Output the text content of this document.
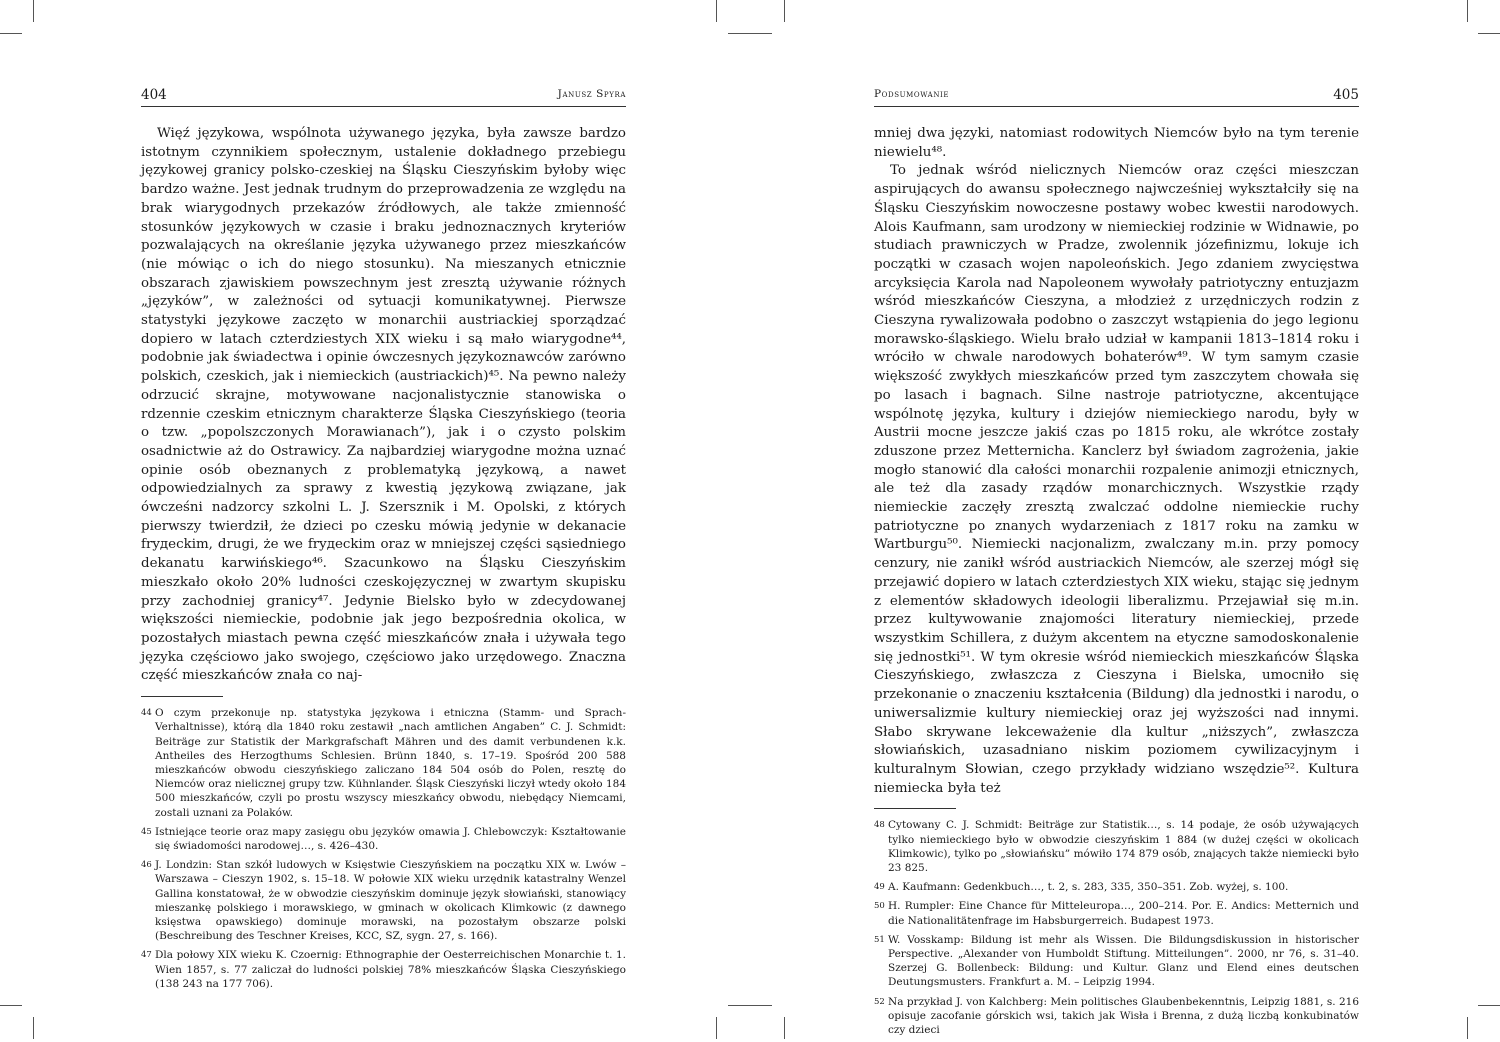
404	Janusz Spyra

Więź językowa, wspólnota używanego języka, była zawsze bardzo istotnym czynnikiem społecznym, ustalenie dokładnego przebiegu językowej granicy polsko-czeskiej na Śląsku Cieszyńskim byłoby więc bardzo ważne. Jest jednak trudnym do przeprowadzenia ze względu na brak wiarygodnych przekazów źródłowych, ale także zmienność stosunków językowych w czasie i braku jednoznacznych kryteriów pozwalających na określanie języka używanego przez mieszkańców (nie mówiąc o ich do niego stosunku). Na mieszanych etnicznie obszarach zjawiskiem powszechnym jest zresztą używanie różnych „języków”, w zależności od sytuacji komunikatywnej. Pierwsze statystyki językowe zaczęto w monarchii austriackiej sporządzać dopiero w latach czterdziestych XIX wieku i są mało wiarygodne⁴⁴, podobnie jak świadectwa i opinie ówczesnych językoznawców zarówno polskich, czeskich, jak i niemieckich (austriackich)⁴⁵. Na pewno należy odrzucić skrajne, motywowane nacjonalistycznie stanowiska o rdzennie czeskim etnicznym charakterze Śląska Cieszyńskiego (teoria o tzw. „popolszczonych Morawianach”), jak i o czysto polskim osadnictwie aż do Ostrawicy. Za najbardziej wiarygodne można uznać opinie osób obeznanych z problematyką językową, a nawet odpowiedzialnych za sprawy z kwestią językową związane, jak ówcześni nadzorcy szkolni L. J. Szersznik i M. Opolski, z których pierwszy twierdził, że dzieci po czesku mówią jedynie w dekanacie fryдeckim, drugi, że we fryдeckim oraz w mniejszej części sąsiedniego dekanatu karwińskiego⁴⁶. Szacunkowo na Śląsku Cieszyńskim mieszkało około 20% ludności czeskojęzycznej w zwartym skupisku przy zachodniej granicy⁴⁷. Jedynie Bielsko było w zdecydowanej większości niemieckie, podobnie jak jego bezpośrednia okolica, w pozostałych miastach pewna część mieszkańców znała i używała tego języka częściowo jako swojego, częściowo jako urzędowego. Znaczna część mieszkańców znała co naj-

44 O czym przekonuje np. statystyka językowa i etniczna (Stamm- und Sprach-Verhaltnisse), którą dla 1840 roku zestawił „nach amtlichen Angaben” C. J. Schmidt: Beiträge zur Statistik der Markgrafschaft Mähren und des damit verbundenen k.k. Antheiles des Herzogthums Schlesien. Brünn 1840, s. 17–19. Spośród 200 588 mieszkańców obwodu cieszyńskiego zaliczano 184 504 osób do Polen, resztę do Niemców oraz nielicznej grupy tzw. Kühnlander. Śląsk Cieszyński liczył wtedy około 184 500 mieszkańców, czyli po prostu wszyscy mieszkańcy obwodu, niebędący Niemcami, zostali uznani za Polaków.
45 Istniejące teorie oraz mapy zasięgu obu języków omawia J. Chlebowczyk: Kształtowanie się świadomości narodowej…, s. 426–430.
46 J. Londzin: Stan szkół ludowych w Księstwie Cieszyńskiem na początku XIX w. Lwów – Warszawa – Cieszyn 1902, s. 15–18. W połowie XIX wieku urzędnik katastralny Wenzel Gallina konstatował, że w obwodzie cieszyńskim dominuje język słowiański, stanowiący mieszankę polskiego i morawskiego, w gminach w okolicach Klimkowic (z dawnego księstwa opawskiego) dominuje morawski, na pozostałym obszarze polski (Beschreibung des Teschner Kreises, KCC, SZ, sygn. 27, s. 166).
47 Dla połowy XIX wieku K. Czoernig: Ethnographie der Oesterreichischen Monarchie t. 1. Wien 1857, s. 77 zaliczał do ludności polskiej 78% mieszkańców Śląska Cieszyńskiego (138 243 na 177 706).
Podsumowanie	405

mniej dwa języki, natomiast rodowitych Niemców było na tym terenie niewielu⁴⁸.

To jednak wśród nielicznych Niemców oraz części mieszczan aspirujących do awansu społecznego najwcześniej wykształciły się na Śląsku Cieszyńskim nowoczesne postawy wobec kwestii narodowych. Alois Kaufmann, sam urodzony w niemieckiej rodzinie w Widnawie, po studiach prawniczych w Pradze, zwolennik józefinizmu, lokuje ich początki w czasach wojen napoleońskich. Jego zdaniem zwycięstwa arcyksięcia Karola nad Napoleonem wywołały patriotyczny entuzjazm wśród mieszkańców Cieszyna, a młodzież z urzędniczych rodzin z Cieszyna rywalizowała podobno o zaszczyt wstąpienia do jego legionu morawsko-śląskiego. Wielu brało udział w kampanii 1813–1814 roku i wróciło w chwale narodowych bohaterów⁴⁹. W tym samym czasie większość zwykłych mieszkańców przed tym zaszczytem chowała się po lasach i bagnach. Silne nastroje patriotyczne, akcentujące wspólnotę języka, kultury i dziejów niemieckiego narodu, były w Austrii mocne jeszcze jakiś czas po 1815 roku, ale wkrótce zostały zduszone przez Metternicha. Kanclerz był świadom zagrożenia, jakie mogło stanowić dla całości monarchii rozpalenie animozji etnicznych, ale też dla zasady rządów monarchicznych. Wszystkie rządy niemieckie zaczęły zresztą zwalczać oddolne niemieckie ruchy patriotyczne po znanych wydarzeniach z 1817 roku na zamku w Wartburgu⁵⁰. Niemiecki nacjonalizm, zwalczany m.in. przy pomocy cenzury, nie zanikł wśród austriackich Niemców, ale szerzej mógł się przejawić dopiero w latach czterdziestych XIX wieku, stając się jednym z elementów składowych ideologii liberalizmu. Przejawiał się m.in. przez kultywowanie znajomości literatury niemieckiej, przede wszystkim Schillera, z dużym akcentem na etyczne samodoskonalenie się jednostki⁵¹. W tym okresie wśród niemieckich mieszkańców Śląska Cieszyńskiego, zwłaszcza z Cieszyna i Bielska, umocniło się przekonanie o znaczeniu kształcenia (Bildung) dla jednostki i narodu, o uniwersalizmie kultury niemieckiej oraz jej wyższości nad innymi. Słabo skrywane lekceważenie dla kultur „niższych”, zwłaszcza słowiańskich, uzasadniano niskim poziomem cywilizacyjnym i kulturalnym Słowian, czego przykłady widziano wszędzie⁵². Kultura niemiecka była też

48 Cytowany C. J. Schmidt: Beiträge zur Statistik…, s. 14 podaje, że osób używających tylko niemieckiego było w obwodzie cieszyńskim 1 884 (w dużej części w okolicach Klimkowic), tylko po „słowiańsku” mówiło 174 879 osób, znających także niemiecki było 23 825.
49 A. Kaufmann: Gedenkbuch…, t. 2, s. 283, 335, 350–351. Zob. wyżej, s. 100.
50 H. Rumpler: Eine Chance für Mitteleuropa…, 200–214. Por. E. Andics: Metternich und die Nationalitätenfrage im Habsburgerreich. Budapest 1973.
51 W. Vosskamp: Bildung ist mehr als Wissen. Die Bildungsdiskussion in historischer Perspective. „Alexander von Humboldt Stiftung. Mitteilungen”. 2000, nr 76, s. 31–40. Szerzej G. Bollenbeck: Bildung: und Kultur. Glanz und Elend eines deutschen Deutungsmusters. Frankfurt a. M. – Leipzig 1994.
52 Na przykład J. von Kalchberg: Mein politisches Glaubenbekenntnis, Leipzig 1881, s. 216 opisuje zacofanie górskich wsi, takich jak Wisła i Brenna, z dużą liczbą konkubinatów czy dzieci
